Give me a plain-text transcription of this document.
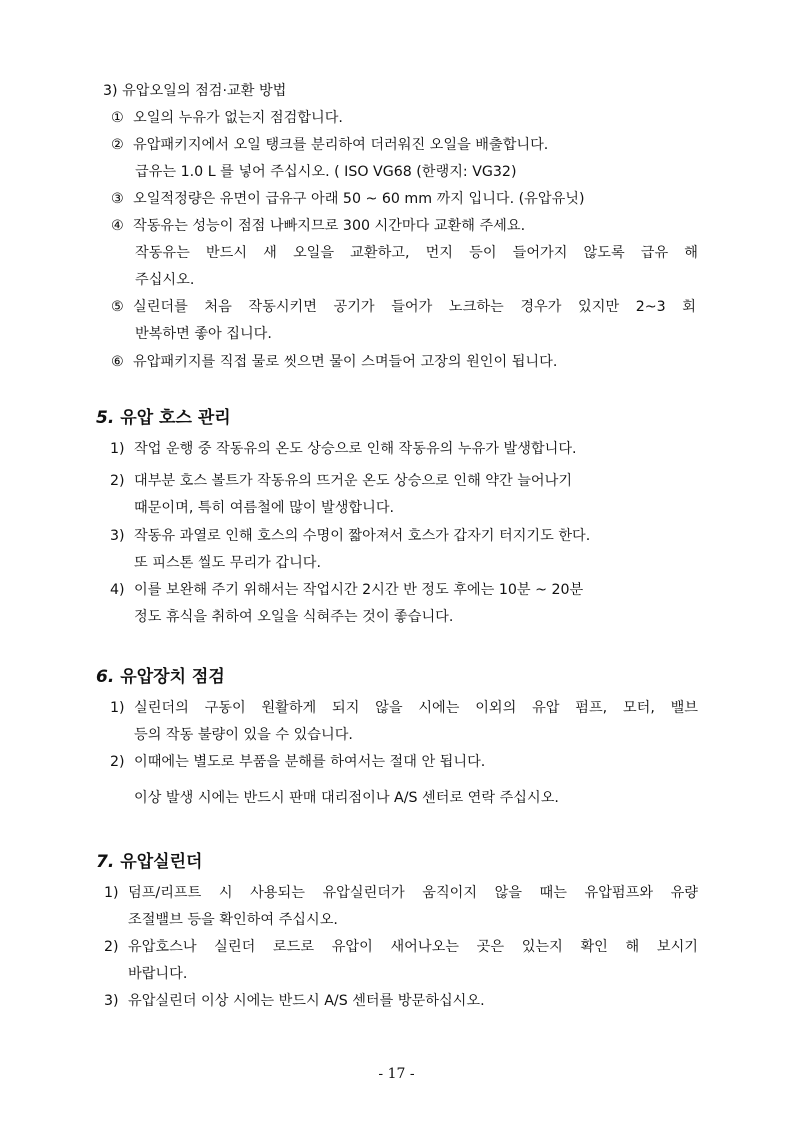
3) 유압오일의 점검·교환 방법
① 오일의 누유가 없는지 점검합니다.
② 유압패키지에서 오일 탱크를 분리하여 더러워진 오일을 배출합니다.
급유는 1.0 L 를 넣어 주십시오. ( ISO VG68 (한랭지: VG32)
③ 오일적정량은 유면이 급유구 아래 50 ~ 60 mm 까지 입니다. (유압유닛)
④ 작동유는 성능이 점점 나빠지므로 300 시간마다 교환해 주세요.
작동유는 반드시 새 오일을 교환하고, 먼지 등이 들어가지 않도록 급유 해
주십시오.
⑤ 실린더를 처음 작동시키면 공기가 들어가 노크하는 경우가 있지만 2~3 회
반복하면 좋아 집니다.
⑥ 유압패키지를 직접 물로 씻으면 물이 스며들어 고장의 원인이 됩니다.
5. 유압 호스 관리
1) 작업 운행 중 작동유의 온도 상승으로 인해 작동유의 누유가 발생합니다.
2) 대부분 호스 볼트가 작동유의 뜨거운 온도 상승으로 인해 약간 늘어나기
때문이며, 특히 여름철에 많이 발생합니다.
3) 작동유 과열로 인해 호스의 수명이 짧아져서 호스가 갑자기 터지기도 한다.
또 피스톤 씰도 무리가 갑니다.
4) 이를 보완해 주기 위해서는 작업시간 2시간 반 정도 후에는 10분 ~ 20분
정도 휴식을 취하여 오일을 식혀주는 것이 좋습니다.
6. 유압장치 점검
1) 실린더의 구동이 원활하게 되지 않을 시에는 이외의 유압 펌프, 모터, 밸브
등의 작동 불량이 있을 수 있습니다.
2) 이때에는 별도로 부품을 분해를 하여서는 절대 안 됩니다.
이상 발생 시에는 반드시 판매 대리점이나 A/S 센터로 연락 주십시오.
7. 유압실린더
1) 덤프/리프트 시 사용되는 유압실린더가 움직이지 않을 때는 유압펌프와 유량
조절밸브 등을 확인하여 주십시오.
2) 유압호스나 실린더 로드로 유압이 새어나오는 곳은 있는지 확인 해 보시기
바랍니다.
3) 유압실린더 이상 시에는 반드시 A/S 센터를 방문하십시오.
- 17 -
